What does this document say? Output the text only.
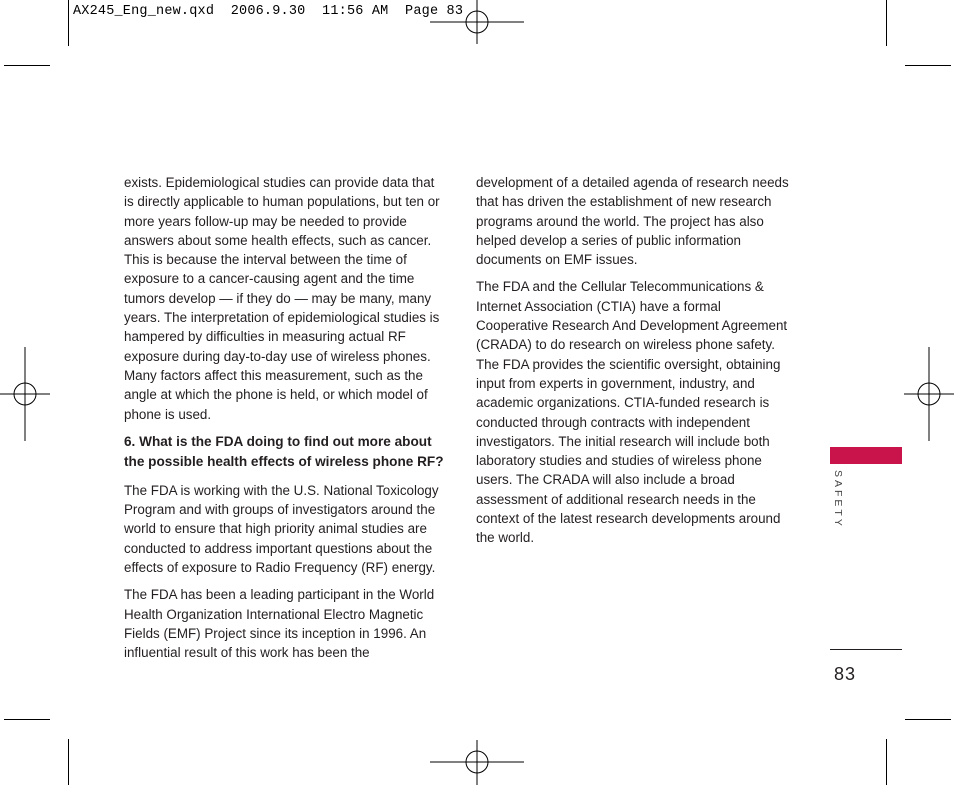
AX245_Eng_new.qxd  2006.9.30  11:56 AM  Page 83

exists. Epidemiological studies can provide data that is directly applicable to human populations, but ten or more years follow-up may be needed to provide answers about some health effects, such as cancer. This is because the interval between the time of exposure to a cancer-causing agent and the time tumors develop — if they do — may be many, many years. The interpretation of epidemiological studies is hampered by difficulties in measuring actual RF exposure during day-to-day use of wireless phones. Many factors affect this measurement, such as the angle at which the phone is held, or which model of phone is used.

6. What is the FDA doing to find out more about the possible health effects of wireless phone RF?

The FDA is working with the U.S. National Toxicology Program and with groups of investigators around the world to ensure that high priority animal studies are conducted to address important questions about the effects of exposure to Radio Frequency (RF) energy.

The FDA has been a leading participant in the World Health Organization International Electro Magnetic Fields (EMF) Project since its inception in 1996. An influential result of this work has been the

development of a detailed agenda of research needs that has driven the establishment of new research programs around the world. The project has also helped develop a series of public information documents on EMF issues.

The FDA and the Cellular Telecommunications & Internet Association (CTIA) have a formal Cooperative Research And Development Agreement (CRADA) to do research on wireless phone safety. The FDA provides the scientific oversight, obtaining input from experts in government, industry, and academic organizations. CTIA-funded research is conducted through contracts with independent investigators. The initial research will include both laboratory studies and studies of wireless phone users. The CRADA will also include a broad assessment of additional research needs in the context of the latest research developments around the world.

SAFETY
83
